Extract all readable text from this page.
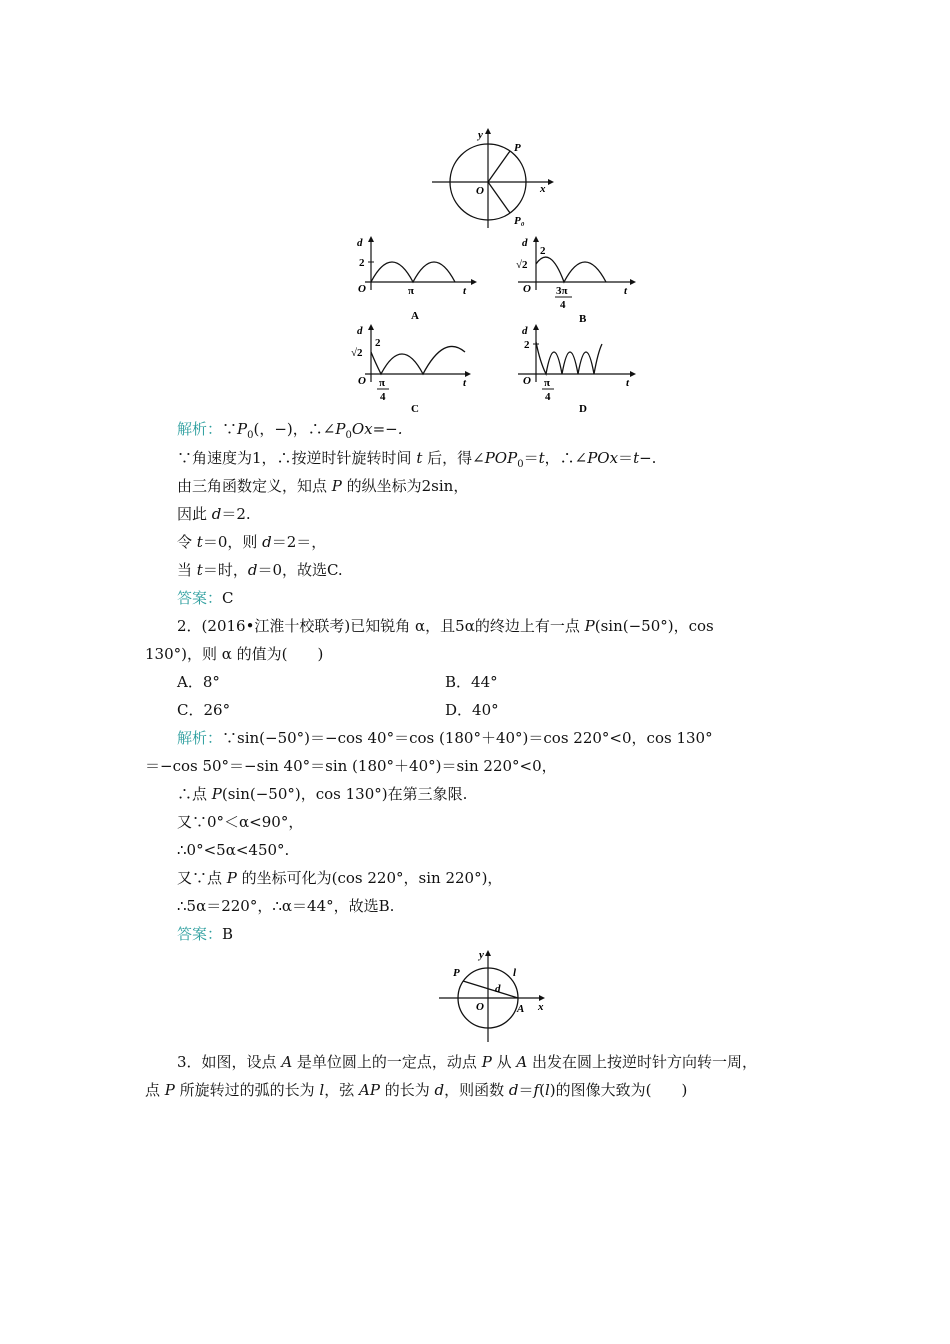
y
x
O
P
P₀
d
2
O	π	t
A
d
2
√2
O 3π
4
t
B
d
2
√2
O π
4
t
C
d
2
O π
4
t
D
解析：$\because P_0$(，−)，$\therefore\angle P_0Ox=-$.
∵角速度为1，∴按逆时针旋转时间 t 后，得$\angle POP_0=t$，∴∠POx＝t−.
由三角函数定义，知点 P 的纵坐标为2sin，
因此 d＝2.
令 t＝0，则 d＝2＝，
当 t＝时，d＝0，故选C.
答案：C
2．(2016•江淮十校联考)已知锐角 α，且5α的终边上有一点 P(sin(−50°)，cos
130°)，则 α 的值为(　　)
A．8°	B．44°
C．26°	D．40°
解析：∵sin(−50°)＝−cos 40°＝cos (180°＋40°)＝cos 220°<0，cos 130°
＝−cos 50°＝−sin 40°＝sin (180°＋40°)＝sin 220°<0，
∴点 P(sin(−50°)，cos 130°)在第三象限.
又∵0°＜α<90°，
∴0°<5α<450°.
又∵点 P 的坐标可化为(cos 220°，sin 220°)，
∴5α＝220°，∴α＝44°，故选B.
答案：B
y
x
O
P
A
d
l
3．如图，设点 A 是单位圆上的一定点，动点 P 从 A 出发在圆上按逆时针方向转一周，
点 P 所旋转过的弧的长为 l，弦 AP 的长为 d，则函数 d＝f(l)的图像大致为(　　)
